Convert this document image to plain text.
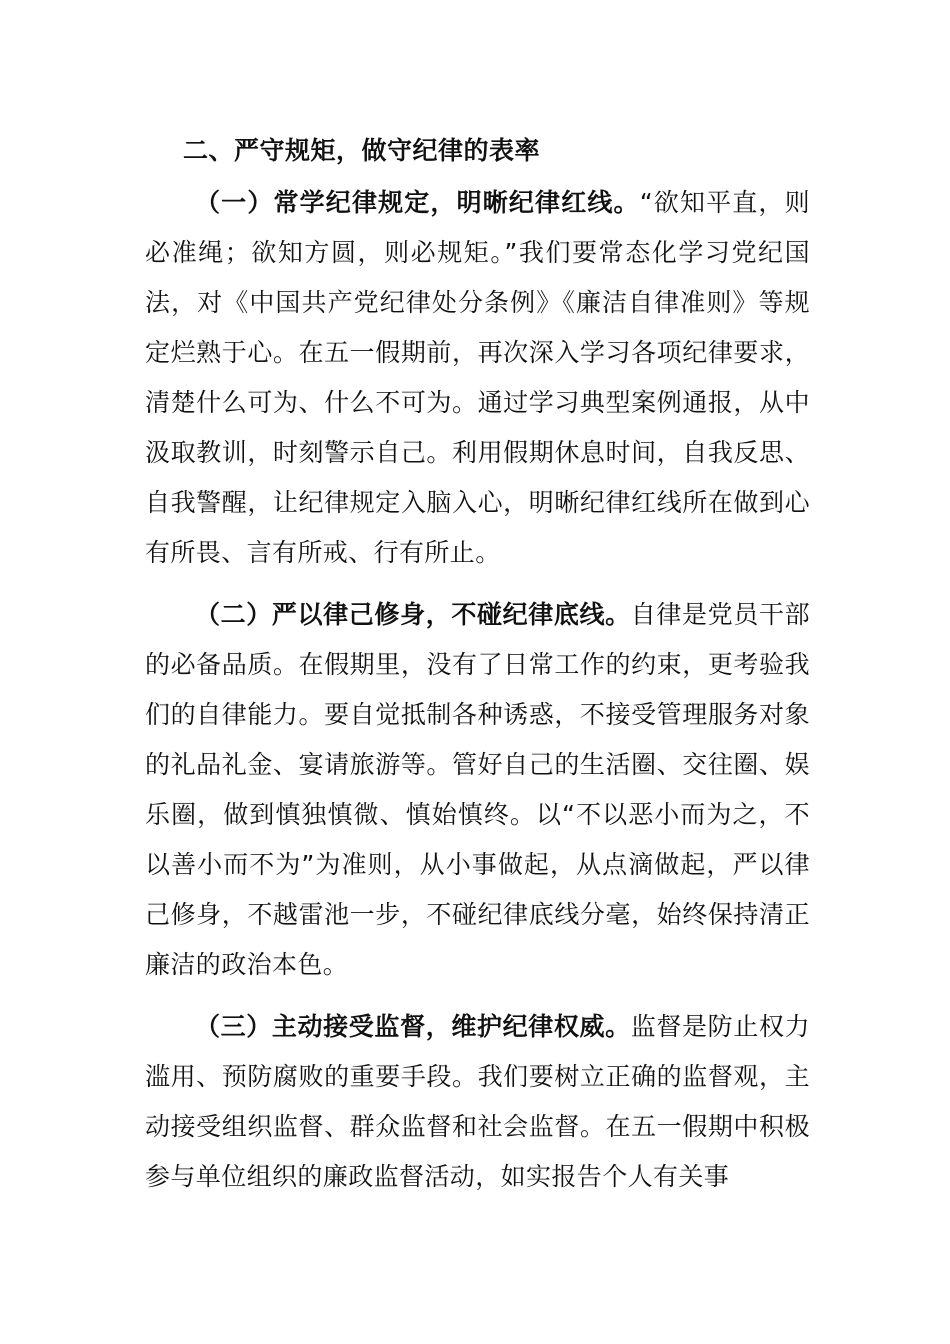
二、严守规矩，做守纪律的表率

（一）常学纪律规定，明晰纪律红线。“欲知平直，则必准绳；欲知方圆，则必规矩。”我们要常态化学习党纪国法，对《中国共产党纪律处分条例》《廉洁自律准则》等规定烂熟于心。在五一假期前，再次深入学习各项纪律要求，清楚什么可为、什么不可为。通过学习典型案例通报，从中汲取教训，时刻警示自己。利用假期休息时间，自我反思、自我警醒，让纪律规定入脑入心，明晰纪律红线所在做到心有所畏、言有所戒、行有所止。

（二）严以律己修身，不碰纪律底线。自律是党员干部的必备品质。在假期里，没有了日常工作的约束，更考验我们的自律能力。要自觉抵制各种诱惑，不接受管理服务对象的礼品礼金、宴请旅游等。管好自己的生活圈、交往圈、娱乐圈，做到慎独慎微、慎始慎终。以“不以恶小而为之，不以善小而不为”为准则，从小事做起，从点滴做起，严以律己修身，不越雷池一步，不碰纪律底线分毫，始终保持清正廉洁的政治本色。

（三）主动接受监督，维护纪律权威。监督是防止权力滥用、预防腐败的重要手段。我们要树立正确的监督观，主动接受组织监督、群众监督和社会监督。在五一假期中积极参与单位组织的廉政监督活动，如实报告个人有关事
